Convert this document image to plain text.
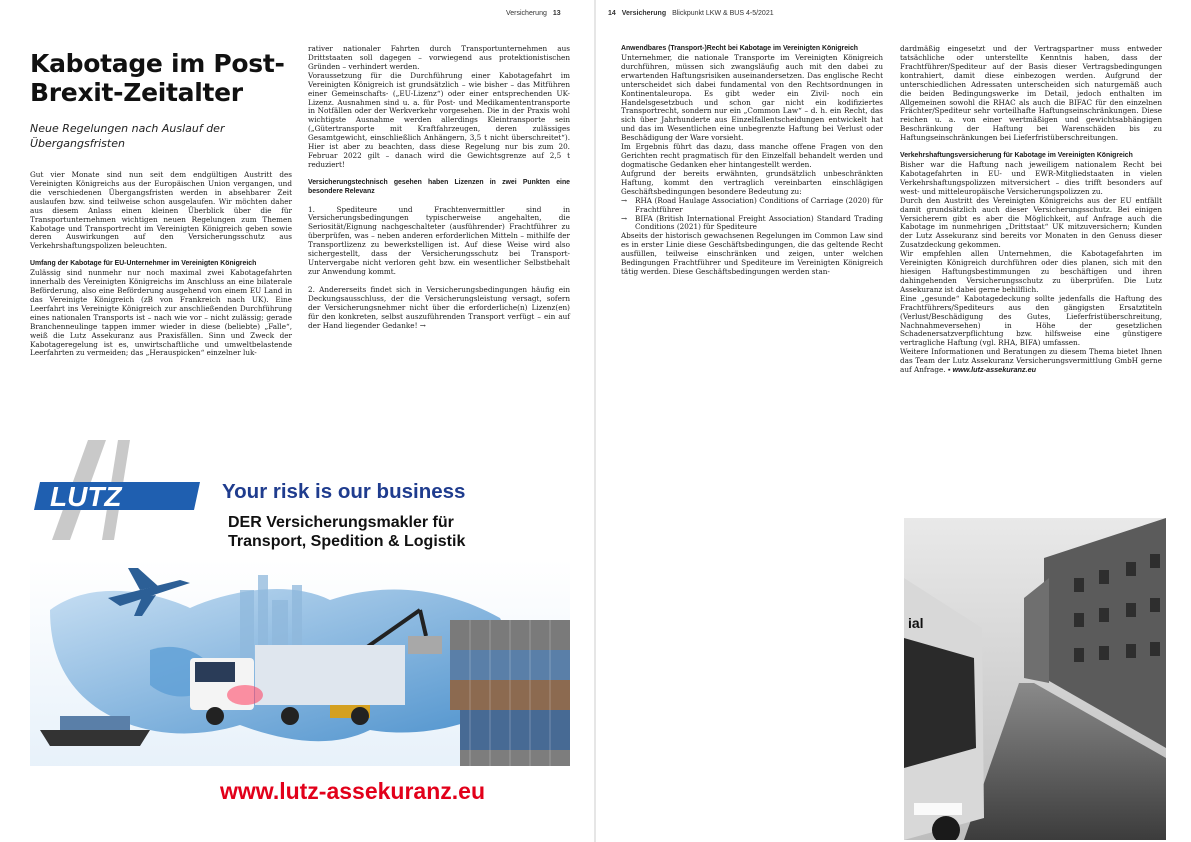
Versicherung 13
Kabotage im Post-Brexit-Zeitalter
Neue Regelungen nach Auslauf der Übergangsfristen

Gut vier Monate sind nun seit dem endgültigen Austritt des Vereinigten Königreichs aus der Europäischen Union vergangen, und die verschiedenen Übergangsfristen werden in absehbarer Zeit auslaufen bzw. sind teilweise schon ausgelaufen. Wir möchten daher aus diesem Anlass einen kleinen Überblick über die für Transportunternehmen wichtigen neuen Regelungen zum Themen Kabotage und Transportrecht im Vereinigten Königreich geben sowie deren Auswirkungen auf den Versicherungsschutz aus Verkehrshaftungspolizen beleuchten.

Umfang der Kabotage für EU-Unternehmer im Vereinigten Königreich

Zulässig sind nunmehr nur noch maximal zwei Kabotagefahrten innerhalb des Vereinigten Königreichs im Anschluss an eine bilaterale Beförderung, also eine Beförderung ausgehend von einem EU Land in das Vereinigte Königreich (zB von Frankreich nach UK). Eine Leerfahrt ins Vereinigte Königreich zur anschließenden Durchführung eines nationalen Transports ist – nach wie vor – nicht zulässig; gerade Branchenneulinge tappen immer wieder in diese (beliebte) „Falle“, weiß die Lutz Assekuranz aus Praxisfällen. Sinn und Zweck der Kabotageregelung ist es, unwirtschaftliche und umweltbelastende Leerfahrten zu vermeiden; das „Herauspicken“ einzelner luk-

rativer nationaler Fahrten durch Transportunternehmen aus Drittstaaten soll dagegen – vorwiegend aus protektionistischen Gründen – verhindert werden.

Voraussetzung für die Durchführung einer Kabotagefahrt im Vereinigten Königreich ist grundsätzlich – wie bisher – das Mitführen einer Gemeinschafts- („EU-Lizenz“) oder einer entsprechenden UK-Lizenz. Ausnahmen sind u. a. für Post- und Medikamententransporte in Notfällen oder der Werkverkehr vorgesehen. Die in der Praxis wohl wichtigste Ausnahme werden allerdings Kleintransporte sein („Gütertransporte mit Kraftfahrzeugen, deren zulässiges Gesamtgewicht, einschließlich Anhängern, 3,5 t nicht überschreitet“). Hier ist aber zu beachten, dass diese Regelung nur bis zum 20. Februar 2022 gilt – danach wird die Gewichtsgrenze auf 2,5 t reduziert!

Versicherungstechnisch gesehen haben Lizenzen in zwei Punkten eine besondere Relevanz

1. Spediteure und Frachtenvermittler sind in Versicherungsbedingungen typischerweise angehalten, die Seriosität/Eignung nachgeschalteter (ausführender) Frachtführer zu überprüfen, was – neben anderen erforderlichen Mitteln – mithilfe der Transportlizenz zu bewerkstelligen ist. Auf diese Weise wird also sichergestellt, dass der Versicherungsschutz bei Transport-Untervergabe nicht verloren geht bzw. ein wesentlicher Selbstbehalt zur Anwendung kommt.

2. Andererseits findet sich in Versicherungsbedingungen häufig ein Deckungsausschluss, der die Versicherungsleistung versagt, sofern der Versicherungsnehmer nicht über die erforderliche(n) Lizenz(en) für den konkreten, selbst auszuführenden Transport verfügt – ein auf der Hand liegender Gedanke! →

LUTZ	Your risk is our business
DER Versicherungsmakler für
Transport, Spedition & Logistik
www.lutz-assekuranz.eu
14 Versicherung Blickpunkt LKW & BUS 4-5/2021
Anwendbares (Transport-)Recht bei Kabotage im Vereinigten Königreich

Unternehmer, die nationale Transporte im Vereinigten Königreich durchführen, müssen sich zwangsläufig auch mit den dabei zu erwartenden Haftungsrisiken auseinandersetzen. Das englische Recht unterscheidet sich dabei fundamental von den Rechtsordnungen in Kontinentaleuropa. Es gibt weder ein Zivil- noch ein Handelsgesetzbuch und schon gar nicht ein kodifiziertes Transportrecht, sondern nur ein „Common Law“ – d. h. ein Recht, das sich über Jahrhunderte aus Einzelfallentscheidungen entwickelt hat und das im Wesentlichen eine unbegrenzte Haftung bei Verlust oder Beschädigung der Ware vorsieht.

Im Ergebnis führt das dazu, dass manche offene Fragen von den Gerichten recht pragmatisch für den Einzelfall behandelt werden und dogmatische Gedanken eher hintangestellt werden.

Aufgrund der bereits erwähnten, grundsätzlich unbeschränkten Haftung, kommt den vertraglich vereinbarten einschlägigen Geschäftsbedingungen besondere Bedeutung zu:

→	RHA (Road Haulage Association) Conditions of Carriage (2020) für Frachtführer
→	BIFA (British International Freight Association) Standard Trading Conditions (2021) für Spediteure

Abseits der historisch gewachsenen Regelungen im Common Law sind es in erster Linie diese Geschäftsbedingungen, die das geltende Recht ausfüllen, teilweise einschränken und zeigen, unter welchen Bedingungen Frachtführer und Spediteure im Vereinigten Königreich tätig werden. Diese Geschäftsbedingungen werden stan-

dardmäßig eingesetzt und der Vertragspartner muss entweder tatsächliche oder unterstellte Kenntnis haben, dass der Frachtführer/Spediteur auf der Basis dieser Vertragsbedingungen kontrahiert, damit diese einbezogen werden. Aufgrund der unterschiedlichen Adressaten unterscheiden sich naturgemäß auch die beiden Bedingungswerke im Detail, jedoch enthalten im Allgemeinen sowohl die RHAC als auch die BIFAC für den einzelnen Frächter/Spediteur sehr vorteilhafte Haftungseinschränkungen. Diese reichen u. a. von einer wertmäßigen und gewichtsabhängigen Beschränkung der Haftung bei Warenschäden bis zu Haftungseinschränkungen bei Lieferfristüberschreitungen.

Verkehrshaftungsversicherung für Kabotage im Vereinigten Königreich

Bisher war die Haftung nach jeweiligem nationalem Recht bei Kabotagefahrten in EU- und EWR-Mitgliedstaaten in vielen Verkehrshaftungspolizzen mitversichert – dies trifft besonders auf west- und mitteleuropäische Versicherungspolizzen zu.

Durch den Austritt des Vereinigten Königreichs aus der EU entfällt damit grundsätzlich auch dieser Versicherungsschutz. Bei einigen Versicherern gibt es aber die Möglichkeit, auf Anfrage auch die Kabotage im nunmehrigen „Drittstaat“ UK mitzuversichern; Kunden der Lutz Assekuranz sind bereits vor Monaten in den Genuss dieser Zusatzdeckung gekommen.

Wir empfehlen allen Unternehmen, die Kabotagefahrten im Vereinigten Königreich durchführen oder dies planen, sich mit den hiesigen Haftungsbestimmungen zu beschäftigen und ihren dahingehenden Versicherungsschutz zu überprüfen. Die Lutz Assekuranz ist dabei gerne behilflich.

Eine „gesunde“ Kabotagedeckung sollte jedenfalls die Haftung des Frachtführers/Spediteurs aus den gängigsten Ersatztiteln (Verlust/Beschädigung des Gutes, Lieferfristüberschreitung, Nachnahmeversehen) in Höhe der gesetzlichen Schadenersatzverpflichtung bzw. hilfsweise eine günstigere vertragliche Haftung (vgl. RHA, BIFA) umfassen.

Weitere Informationen und Beratungen zu diesem Thema bietet Ihnen das Team der Lutz Assekuranz Versicherungsvermittlung GmbH gerne auf Anfrage. ▪ www.lutz-assekuranz.eu

ial
